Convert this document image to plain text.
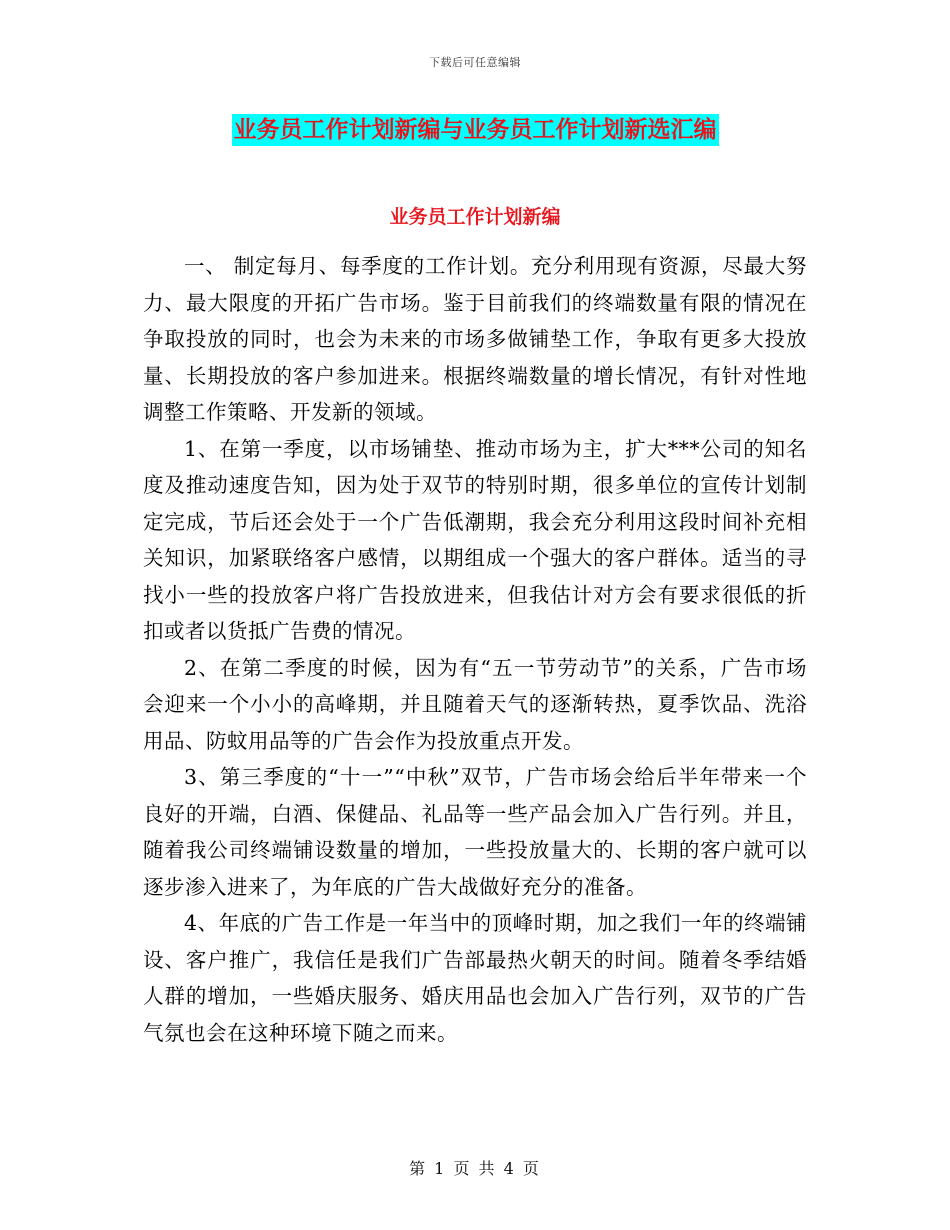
下载后可任意编辑
业务员工作计划新编与业务员工作计划新选汇编
业务员工作计划新编

一、 制定每月、每季度的工作计划。充分利用现有资源，尽最大努力、最大限度的开拓广告市场。鉴于目前我们的终端数量有限的情况在争取投放的同时，也会为未来的市场多做铺垫工作，争取有更多大投放量、长期投放的客户参加进来。根据终端数量的增长情况，有针对性地调整工作策略、开发新的领域。

1、在第一季度，以市场铺垫、推动市场为主，扩大***公司的知名度及推动速度告知，因为处于双节的特别时期，很多单位的宣传计划制定完成，节后还会处于一个广告低潮期，我会充分利用这段时间补充相关知识，加紧联络客户感情，以期组成一个强大的客户群体。适当的寻找小一些的投放客户将广告投放进来，但我估计对方会有要求很低的折扣或者以货抵广告费的情况。

2、在第二季度的时候，因为有“五一节劳动节”的关系，广告市场会迎来一个小小的高峰期，并且随着天气的逐渐转热，夏季饮品、洗浴用品、防蚊用品等的广告会作为投放重点开发。

3、第三季度的“十一”“中秋”双节，广告市场会给后半年带来一个良好的开端，白酒、保健品、礼品等一些产品会加入广告行列。并且，随着我公司终端铺设数量的增加，一些投放量大的、长期的客户就可以逐步渗入进来了，为年底的广告大战做好充分的准备。

4、年底的广告工作是一年当中的顶峰时期，加之我们一年的终端铺设、客户推广，我信任是我们广告部最热火朝天的时间。随着冬季结婚人群的增加，一些婚庆服务、婚庆用品也会加入广告行列，双节的广告气氛也会在这种环境下随之而来。

第 1 页 共 4 页
